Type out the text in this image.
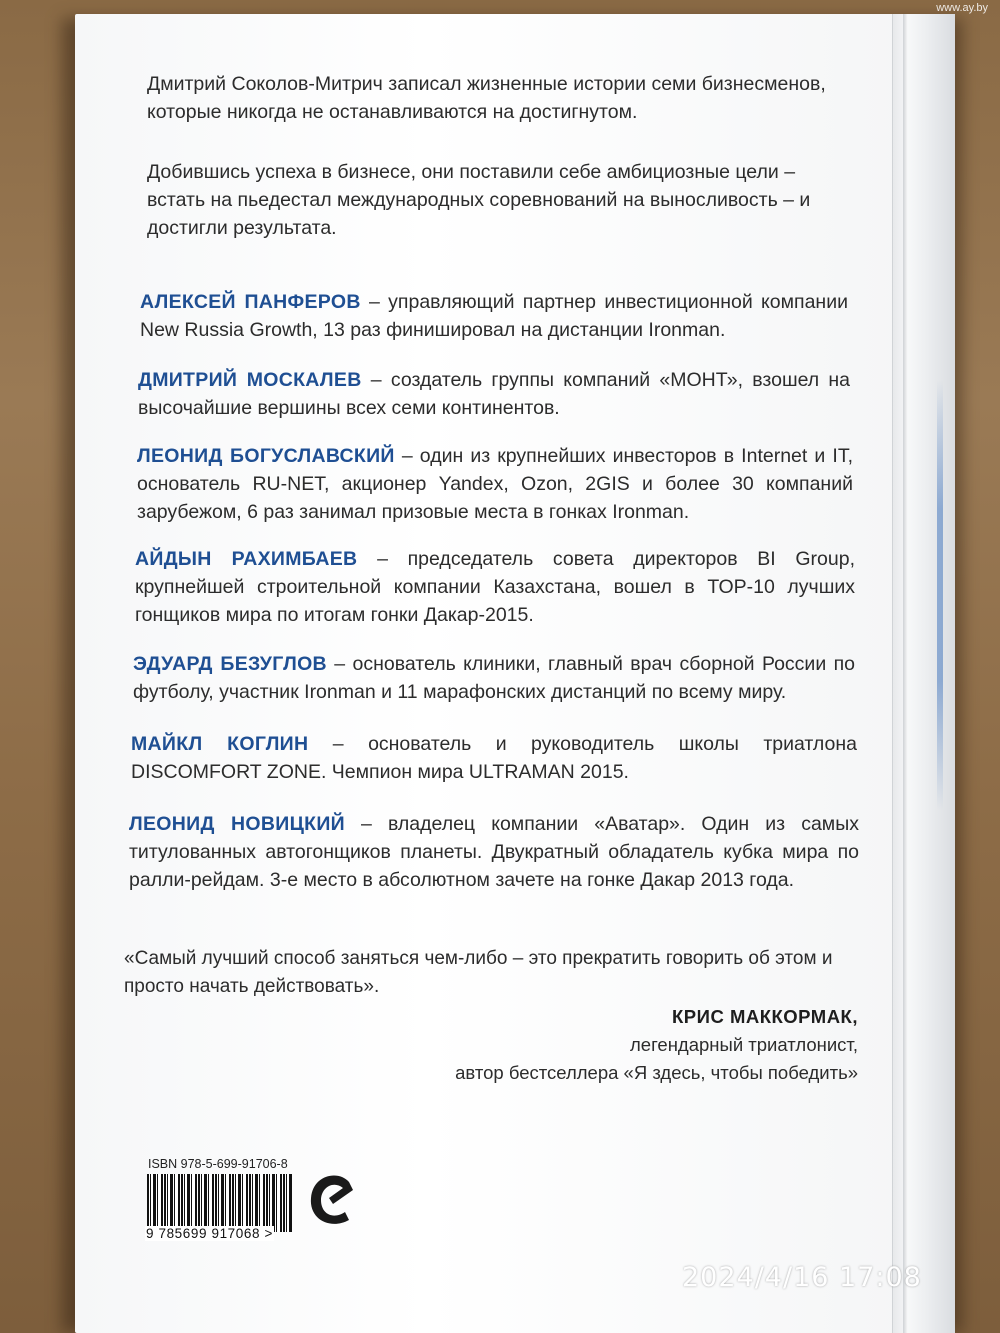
www.ay.by
Дмитрий Соколов-Митрич записал жизненные истории семи бизнесменов, которые никогда не останавливаются на достигнутом.
Добившись успеха в бизнесе, они поставили себе амбициозные цели – встать на пьедестал международных соревнований на выносливость – и достигли результата.
АЛЕКСЕЙ ПАНФЕРОВ – управляющий партнер инвестиционной компании New Russia Growth, 13 раз финишировал на дистанции Ironman.
ДМИТРИЙ МОСКАЛЕВ – создатель группы компаний «МОНТ», взошел на высочайшие вершины всех семи континентов.
ЛЕОНИД БОГУСЛАВСКИЙ – один из крупнейших инвесторов в Internet и IT, основатель RU-NET, акционер Yandex, Ozon, 2GIS и более 30 компаний зарубежом, 6 раз занимал призовые места в гонках Ironman.
АЙДЫН РАХИМБАЕВ – председатель совета директоров BI Group, крупнейшей строительной компании Казахстана, вошел в ТОР-10 лучших гонщиков мира по итогам гонки Дакар-2015.
ЭДУАРД БЕЗУГЛОВ – основатель клиники, главный врач сборной России по футболу, участник Ironman и 11 марафонских дистанций по всему миру.
МАЙКЛ КОГЛИН – основатель и руководитель школы триатлона DISCOMFORT ZONE. Чемпион мира ULTRAMAN 2015.
ЛЕОНИД НОВИЦКИЙ – владелец компании «Аватар». Один из самых титулованных автогонщиков планеты. Двукратный обладатель кубка мира по ралли-рейдам. 3-е место в абсолютном зачете на гонке Дакар 2013 года.
«Самый лучший способ заняться чем-либо – это прекратить говорить об этом и просто начать действовать».
КРИС МАККОРМАК,
легендарный триатлонист,
автор бестселлера «Я здесь, чтобы победить»
ISBN 978-5-699-91706-8
9 785699 917068 >
2024/4/16 17:08
